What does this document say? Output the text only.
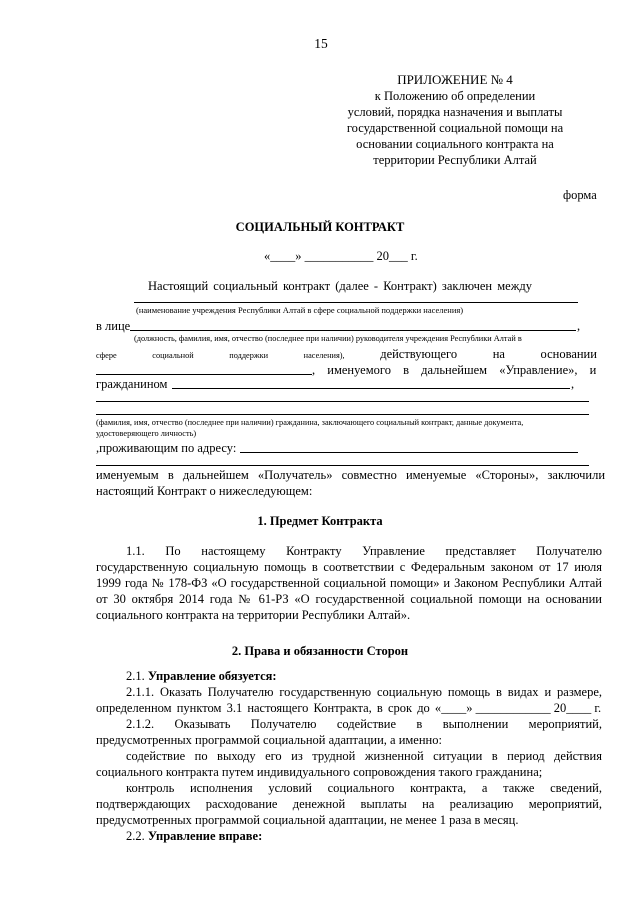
15
ПРИЛОЖЕНИЕ № 4
к Положению об определении
условий, порядка назначения и выплаты
государственной социальной помощи на
основании социального контракта на
территории Республики Алтай
форма
СОЦИАЛЬНЫЙ КОНТРАКТ
«____» ___________ 20___ г.
Настоящий социальный контракт (далее - Контракт) заключен между
(наименование учреждения Республики Алтай в сфере социальной поддержки населения)
в лице	,
(должность, фамилия, имя, отчество (последнее при наличии) руководителя учреждения Республики Алтай в
сфере	социальной	поддержки	населения),	действующего	на	основании
, именуемого в дальнейшем «Управление», и
гражданином	,
(фамилия, имя, отчество (последнее при наличии) гражданина, заключающего социальный контракт, данные документа,
удостоверяющего личность)
,проживающим по адресу:
именуемым в дальнейшем «Получатель» совместно именуемые «Стороны», заключили
настоящий Контракт о нижеследующем:
1. Предмет Контракта
1.1. По настоящему Контракту Управление представляет Получателю
государственную социальную помощь в соответствии с Федеральным законом от 17 июля
1999 года № 178-ФЗ «О государственной социальной помощи» и Законом Республики Алтай
от 30 октября 2014 года № 61-РЗ «О государственной социальной помощи на основании
социального контракта на территории Республики Алтай».
2. Права и обязанности Сторон
2.1. Управление обязуется:
2.1.1. Оказать Получателю государственную социальную помощь в видах и размере,
определенном пунктом 3.1 настоящего Контракта, в срок до «____» ____________ 20____ г.
2.1.2. Оказывать Получателю содействие в выполнении мероприятий,
предусмотренных программой социальной адаптации, а именно:
содействие по выходу его из трудной жизненной ситуации в период действия
социального контракта путем индивидуального сопровождения такого гражданина;
контроль исполнения условий социального контракта, а также сведений,
подтверждающих расходование денежной выплаты на реализацию мероприятий,
предусмотренных программой социальной адаптации, не менее 1 раза в месяц.
2.2. Управление вправе:
